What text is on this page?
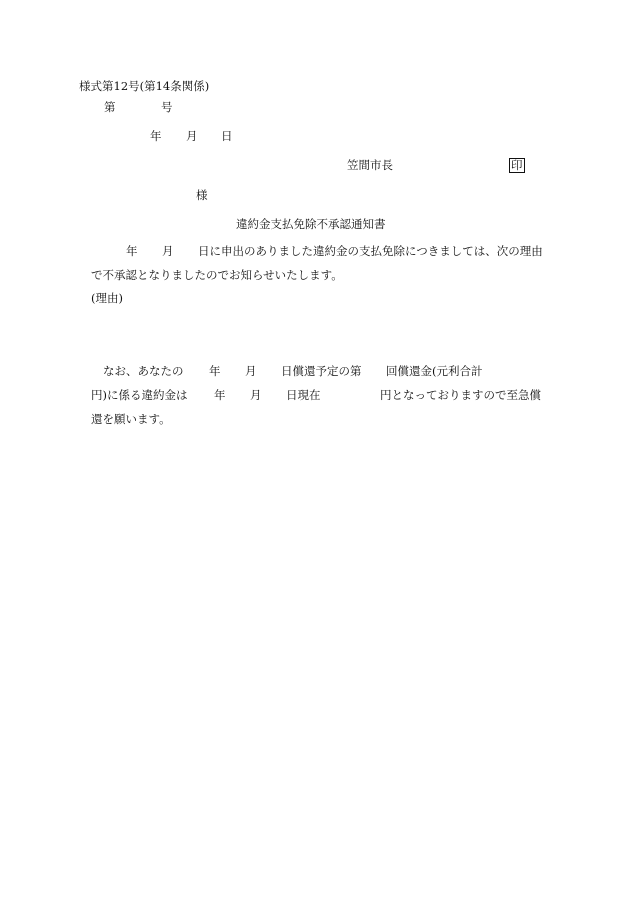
様式第12号(第14条関係)
第	号
年 月 日
笠間市長	印
様
違約金支払免除不承認通知書
年 月 日に申出のありました違約金の支払免除につきましては、次の理由
で不承認となりましたのでお知らせいたします。
(理由)
なお、あなたの 年 月 日償還予定の第 回償還金(元利合計
円)に係る違約金は 年 月 日現在	円となっておりますので至急償
還を願います。
